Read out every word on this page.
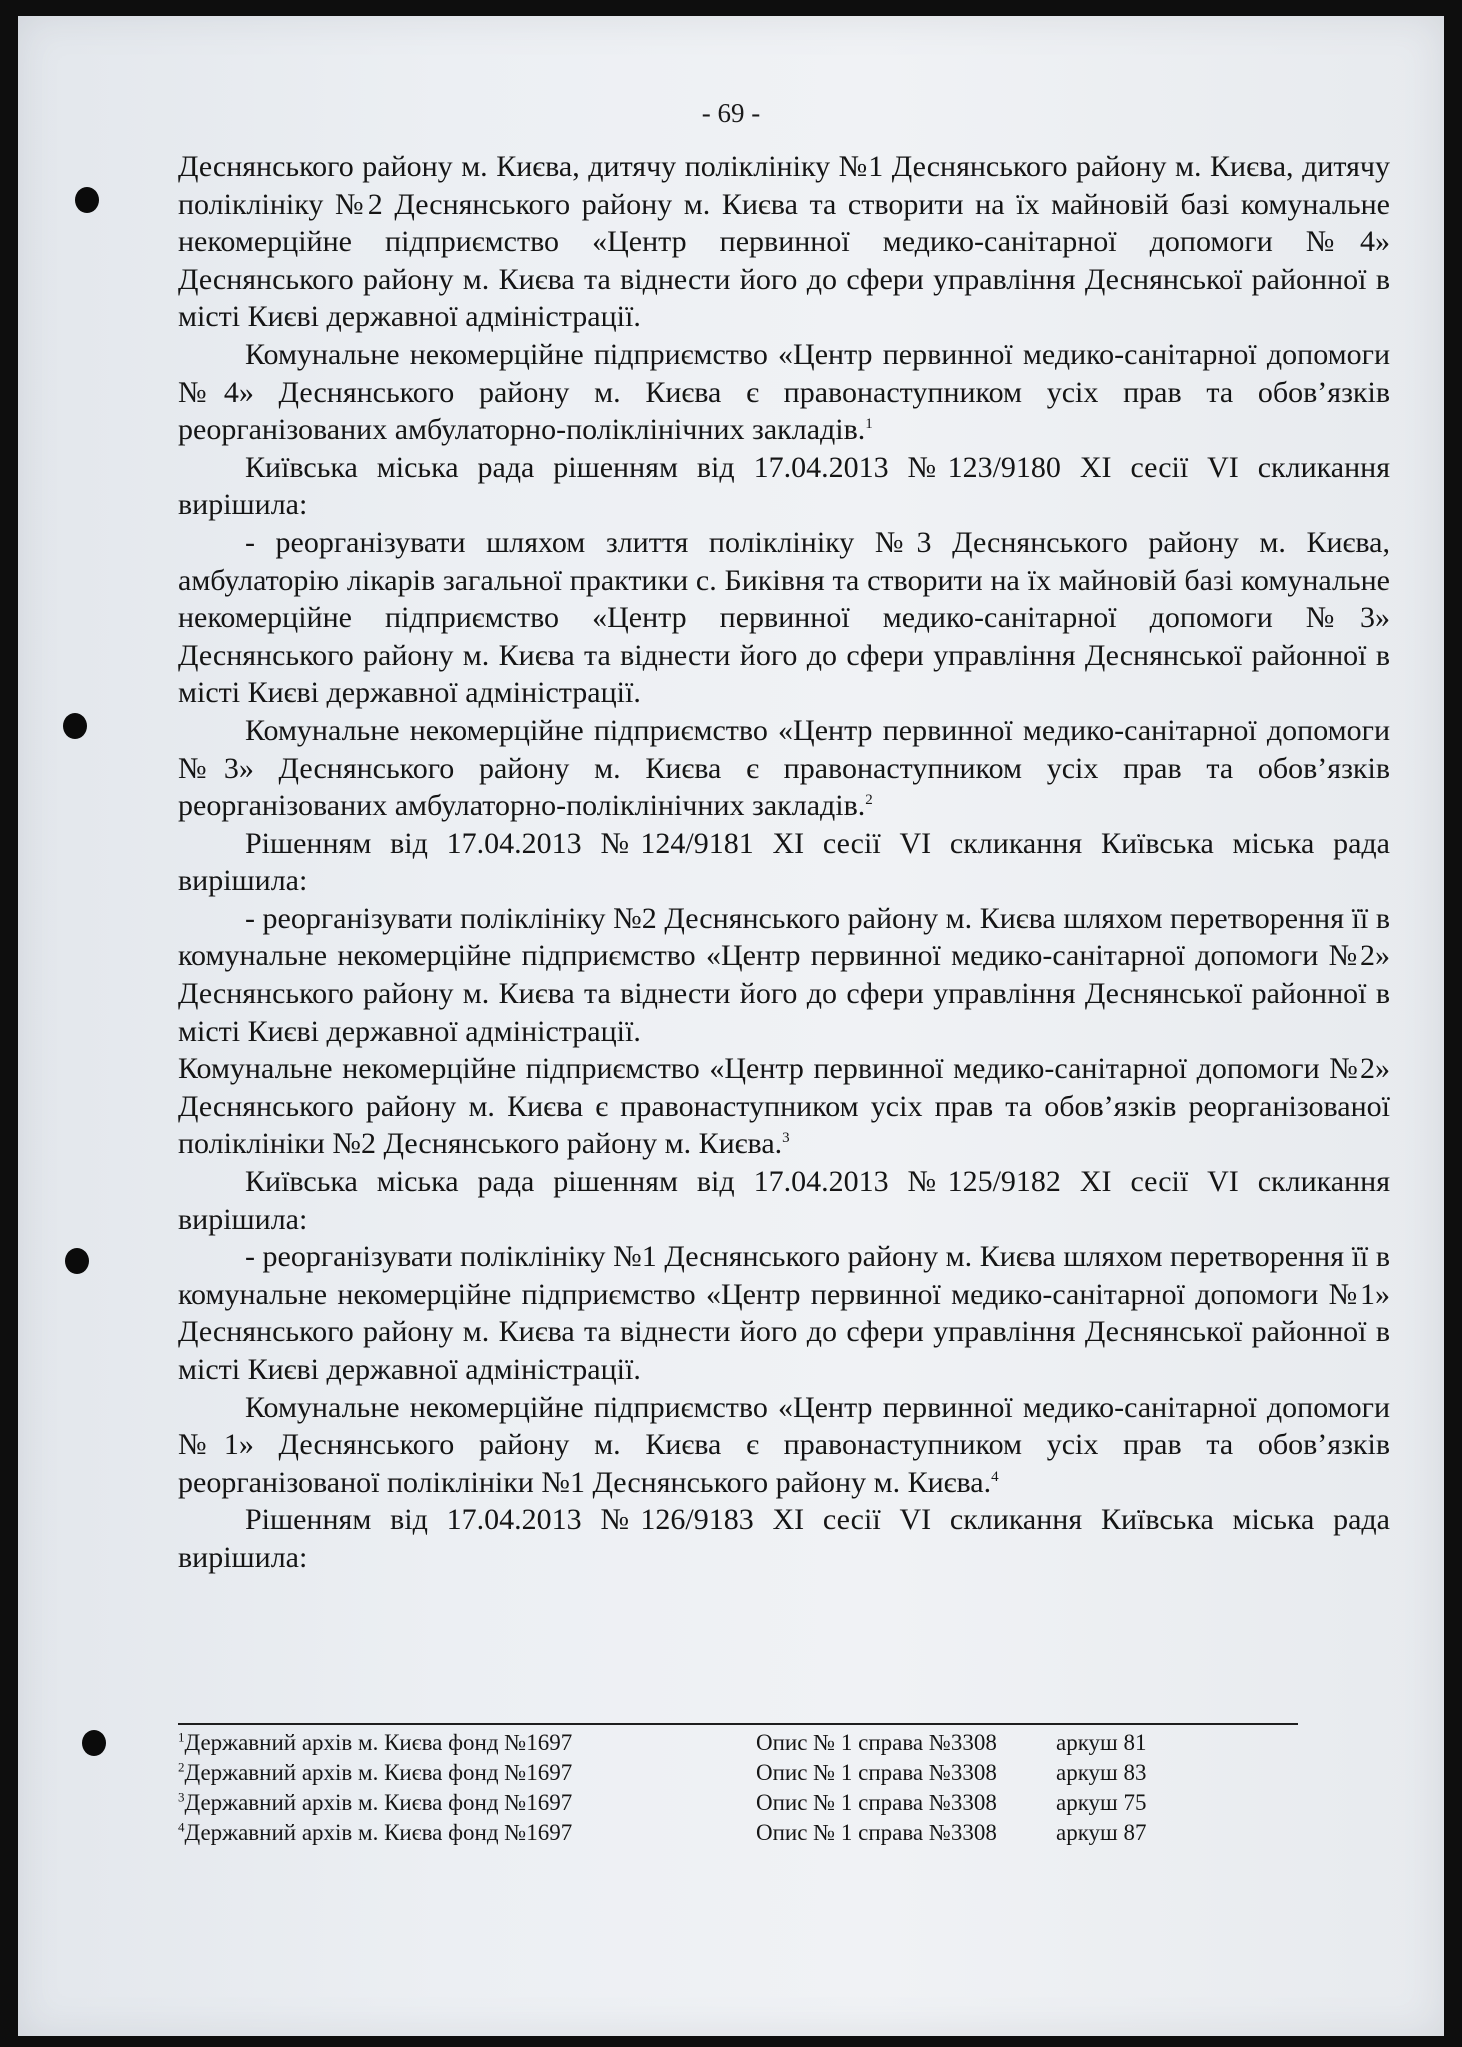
- 69 -

Деснянського району м. Києва, дитячу поліклініку №1 Деснянського району м. Києва, дитячу поліклініку №2 Деснянського району м. Києва та створити на їх майновій базі комунальне некомерційне підприємство «Центр первинної медико-санітарної допомоги №4» Деснянського району м. Києва та віднести його до сфери управління Деснянської районної в місті Києві державної адміністрації.

Комунальне некомерційне підприємство «Центр первинної медико-санітарної допомоги №4» Деснянського району м. Києва є правонаступником усіх прав та обов’язків реорганізованих амбулаторно-поліклінічних закладів.$^1$

Київська міська рада рішенням від 17.04.2013 №123/9180 XI сесії VI скликання вирішила:

- реорганізувати шляхом злиття поліклініку №3 Деснянського району м. Києва, амбулаторію лікарів загальної практики с. Биківня та створити на їх майновій базі комунальне некомерційне підприємство «Центр первинної медико-санітарної допомоги №3» Деснянського району м. Києва та віднести його до сфери управління Деснянської районної в місті Києві державної адміністрації.

Комунальне некомерційне підприємство «Центр первинної медико-санітарної допомоги №3» Деснянського району м. Києва є правонаступником усіх прав та обов’язків реорганізованих амбулаторно-поліклінічних закладів.$^2$

Рішенням від 17.04.2013 №124/9181 XI сесії VI скликання Київська міська рада вирішила:

- реорганізувати поліклініку №2 Деснянського району м. Києва шляхом перетворення її в комунальне некомерційне підприємство «Центр первинної медико-санітарної допомоги №2» Деснянського району м. Києва та віднести його до сфери управління Деснянської районної в місті Києві державної адміністрації.

Комунальне некомерційне підприємство «Центр первинної медико-санітарної допомоги №2» Деснянського району м. Києва є правонаступником усіх прав та обов’язків реорганізованої поліклініки №2 Деснянського району м. Києва.$^3$

Київська міська рада рішенням від 17.04.2013 №125/9182 XI сесії VI скликання вирішила:

- реорганізувати поліклініку №1 Деснянського району м. Києва шляхом перетворення її в комунальне некомерційне підприємство «Центр первинної медико-санітарної допомоги №1» Деснянського району м. Києва та віднести його до сфери управління Деснянської районної в місті Києві державної адміністрації.

Комунальне некомерційне підприємство «Центр первинної медико-санітарної допомоги №1» Деснянського району м. Києва є правонаступником усіх прав та обов’язків реорганізованої поліклініки №1 Деснянського району м. Києва.$^4$

Рішенням від 17.04.2013 №126/9183 XI сесії VI скликання Київська міська рада вирішила:

$^1$Державний архів м. Києва фонд №1697	Опис № 1 справа №3308	аркуш 81
$^2$Державний архів м. Києва фонд №1697	Опис № 1 справа №3308	аркуш 83
$^3$Державний архів м. Києва фонд №1697	Опис № 1 справа №3308	аркуш 75
$^4$Державний архів м. Києва фонд №1697	Опис № 1 справа №3308	аркуш 87
